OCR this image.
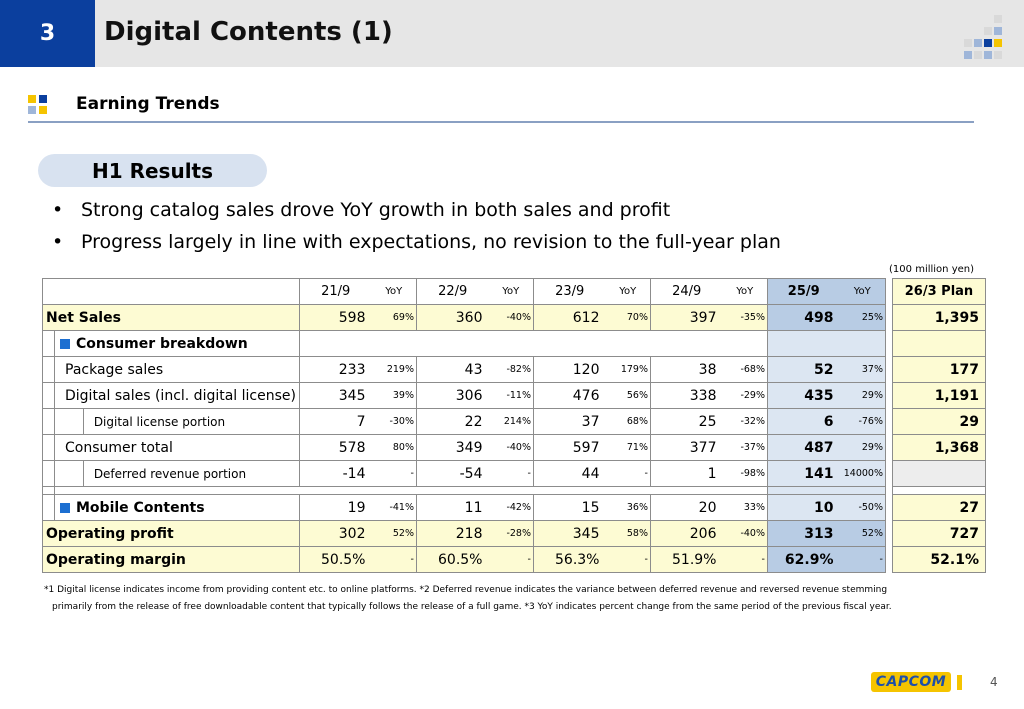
3	Digital Contents (1)
Earning Trends
H1 Results
• Strong catalog sales drove YoY growth in both sales and profit
• Progress largely in line with expectations, no revision to the full-year plan
(100 million yen)
			21/9	YoY	22/9	YoY	23/9	YoY	24/9	YoY	25/9	YoY		26/3 Plan
Net Sales			598	69%	360	-40%	612	70%	397	-35%	498	25%		1,395
	Consumer breakdown													
	Package sales		233	219%	43	-82%	120	179%	38	-68%	52	37%		177
	Digital sales (incl. digital license)		345	39%	306	-11%	476	56%	338	-29%	435	29%		1,191
		Digital license portion	7	-30%	22	214%	37	68%	25	-32%	6	-76%		29
	Consumer total		578	80%	349	-40%	597	71%	377	-37%	487	29%		1,368
		Deferred revenue portion	-14	-	-54	-	44	-	1	-98%	141	14000%		

	Mobile Contents		19	-41%	11	-42%	15	36%	20	33%	10	-50%		27
Operating profit			302	52%	218	-28%	345	58%	206	-40%	313	52%		727
Operating margin			50.5%	-	60.5%	-	56.3%	-	51.9%	-	62.9%	-		52.1%
*1 Digital license indicates income from providing content etc. to online platforms. *2 Deferred revenue indicates the variance between deferred revenue and reversed revenue stemming
primarily from the release of free downloadable content that typically follows the release of a full game. *3 YoY indicates percent change from the same period of the previous fiscal year.
CAPCOM	4
